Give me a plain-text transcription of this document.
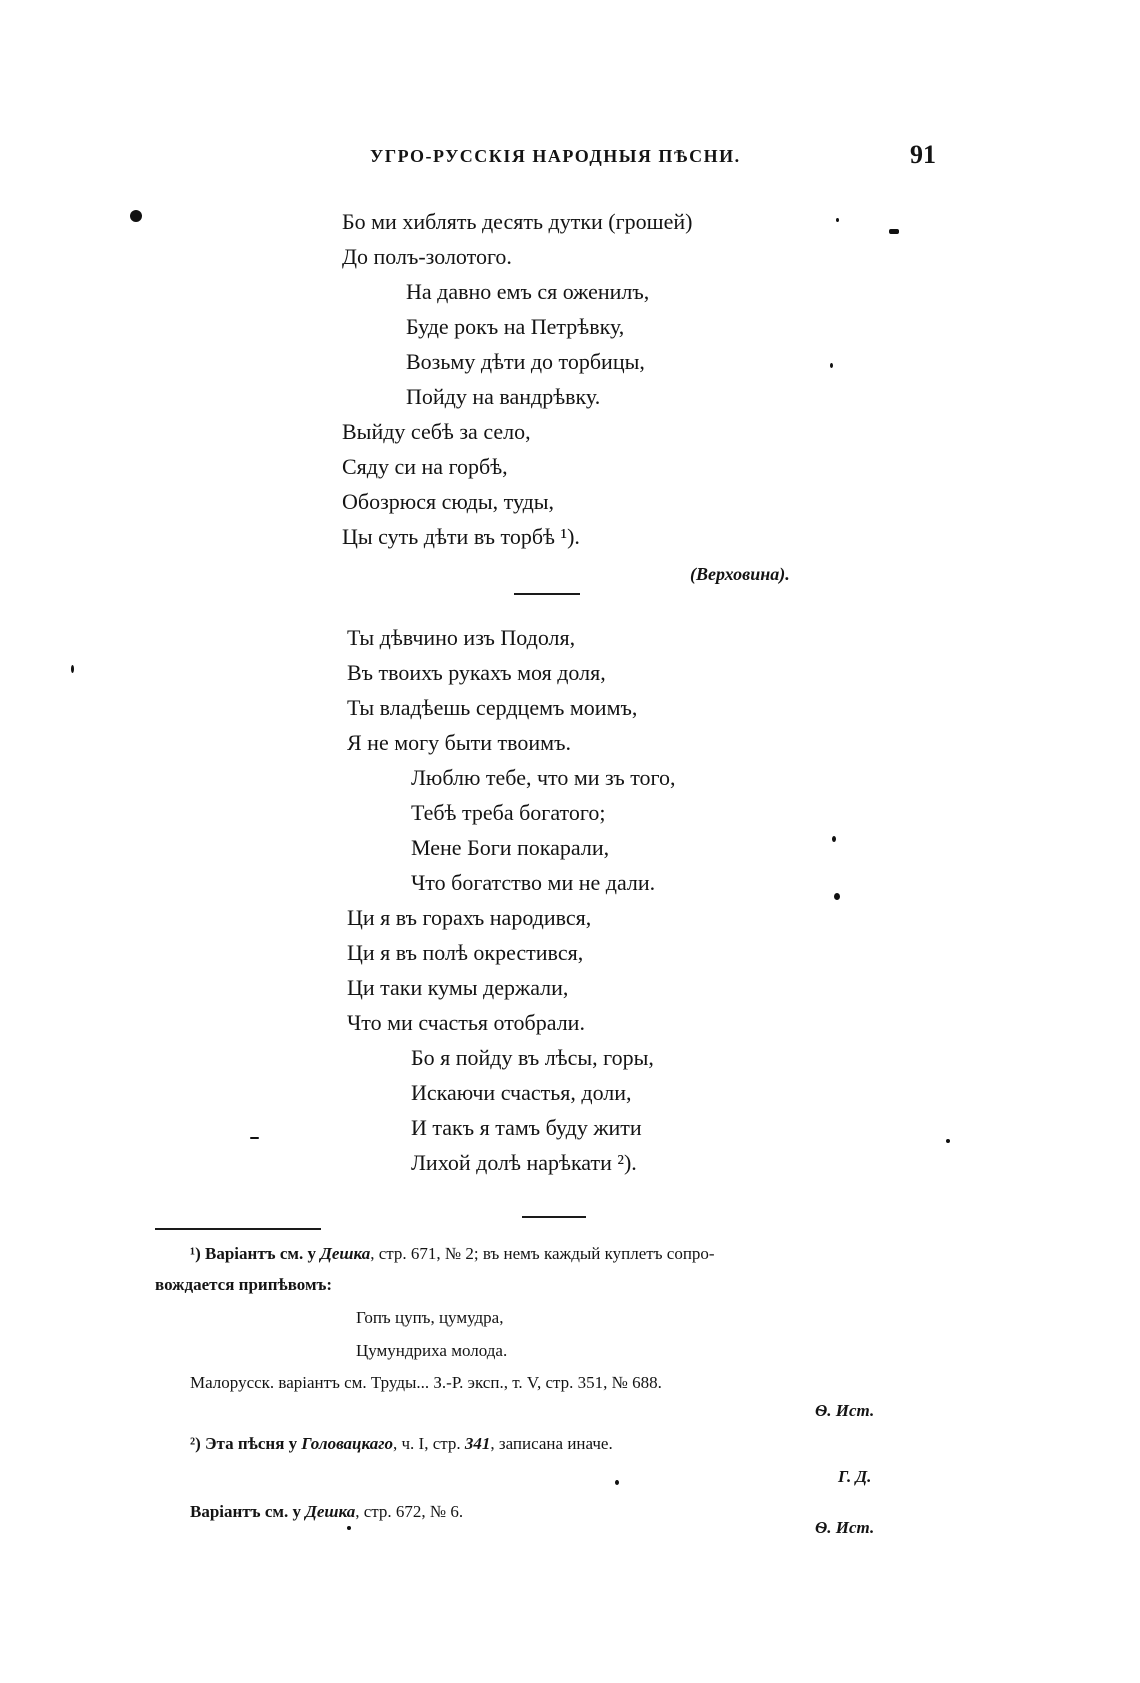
УГРО-РУССКІЯ НАРОДНЫЯ ПѢСНИ.	91
Бо ми хиблять десять дутки (грошей)
До полъ-золотого.
На давно емъ ся оженилъ,
Буде рокъ на Петрѣвку,
Возьму дѣти до торбицы,
Пойду на вандрѣвку.
Выйду себѣ за село,
Сяду си на горбѣ,
Обозрюся сюды, туды,
Цы суть дѣти въ торбѣ ¹).
(Верховина).
Ты дѣвчино изъ Подоля,
Въ твоихъ рукахъ моя доля,
Ты владѣешь сердцемъ моимъ,
Я не могу быти твоимъ.
Люблю тебе, что ми зъ того,
Тебѣ треба богатого;
Мене Боги покарали,
Что богатство ми не дали.
Ци я въ горахъ народився,
Ци я въ полѣ окрестився,
Ци таки кумы держали,
Что ми счастья отобрали.
Бо я пойду въ лѣсы, горы,
Искаючи счастья, доли,
И такъ я тамъ буду жити
Лихой долѣ нарѣкати ²).
¹) Варіантъ см. у Дешка, стр. 671, № 2; въ немъ каждый куплетъ сопро-
вождается припѣвомъ:
Гопъ цупъ, цумудра,
Цумундриха молода.
Малорусск. варіантъ см. Труды... З.-Р. эксп., т. V, стр. 351, № 688.
Ѳ. Ист.
²) Эта пѣсня у Головацкаго, ч. I, стр. 341, записана иначе.
Г. Д.
Варіантъ см. у Дешка, стр. 672, № 6.
Ѳ. Ист.
